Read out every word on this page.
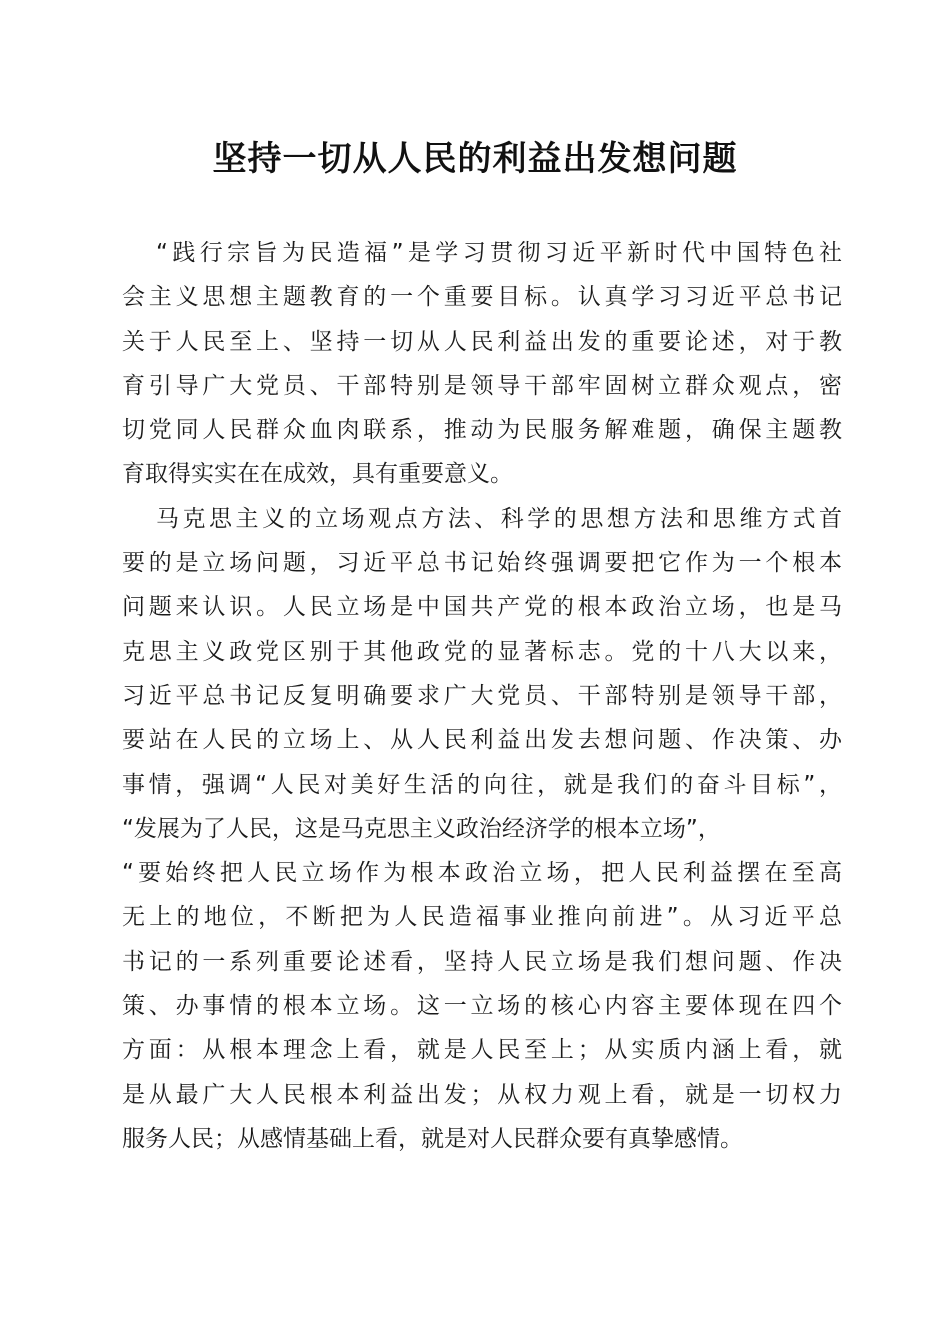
坚持一切从人民的利益出发想问题
“践行宗旨为民造福”是学习贯彻习近平新时代中国特色社
会主义思想主题教育的一个重要目标。认真学习习近平总书记
关于人民至上、坚持一切从人民利益出发的重要论述，对于教
育引导广大党员、干部特别是领导干部牢固树立群众观点，密
切党同人民群众血肉联系，推动为民服务解难题，确保主题教
育取得实实在在成效，具有重要意义。
马克思主义的立场观点方法、科学的思想方法和思维方式首
要的是立场问题，习近平总书记始终强调要把它作为一个根本
问题来认识。人民立场是中国共产党的根本政治立场，也是马
克思主义政党区别于其他政党的显著标志。党的十八大以来，
习近平总书记反复明确要求广大党员、干部特别是领导干部，
要站在人民的立场上、从人民利益出发去想问题、作决策、办
事情，强调“人民对美好生活的向往，就是我们的奋斗目标”，
“发展为了人民，这是马克思主义政治经济学的根本立场”，
“要始终把人民立场作为根本政治立场，把人民利益摆在至高
无上的地位，不断把为人民造福事业推向前进”。从习近平总
书记的一系列重要论述看，坚持人民立场是我们想问题、作决
策、办事情的根本立场。这一立场的核心内容主要体现在四个
方面：从根本理念上看，就是人民至上；从实质内涵上看，就
是从最广大人民根本利益出发；从权力观上看，就是一切权力
服务人民；从感情基础上看，就是对人民群众要有真挚感情。
